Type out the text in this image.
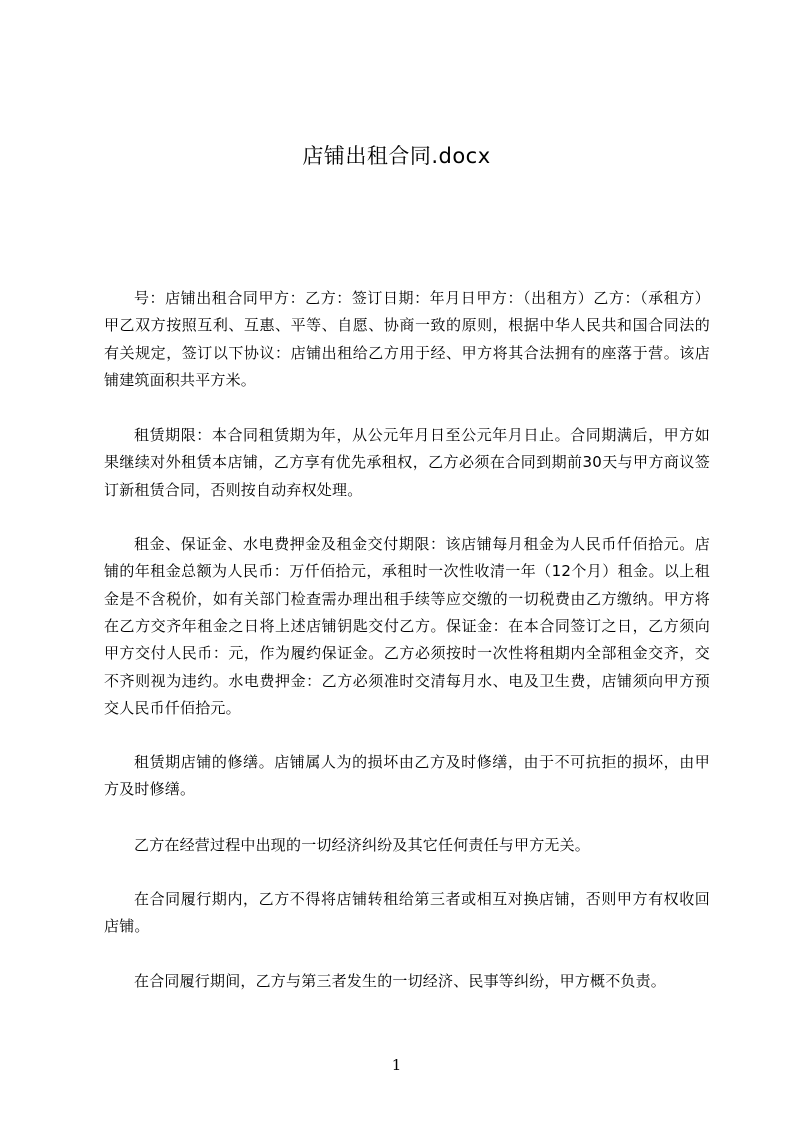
店铺出租合同.docx

号：店铺出租合同甲方：乙方：签订日期：年月日甲方：（出租方）乙方：（承租方）甲乙双方按照互利、互惠、平等、自愿、协商一致的原则，根据中华人民共和国合同法的有关规定，签订以下协议：店铺出租给乙方用于经、甲方将其合法拥有的座落于营。该店铺建筑面积共平方米。

租赁期限：本合同租赁期为年，从公元年月日至公元年月日止。合同期满后，甲方如果继续对外租赁本店铺，乙方享有优先承租权，乙方必须在合同到期前30天与甲方商议签订新租赁合同，否则按自动弃权处理。

租金、保证金、水电费押金及租金交付期限：该店铺每月租金为人民币仟佰拾元。店铺的年租金总额为人民币：万仟佰拾元，承租时一次性收清一年（12个月）租金。以上租金是不含税价，如有关部门检查需办理出租手续等应交缴的一切税费由乙方缴纳。甲方将在乙方交齐年租金之日将上述店铺钥匙交付乙方。保证金：在本合同签订之日，乙方须向甲方交付人民币：元，作为履约保证金。乙方必须按时一次性将租期内全部租金交齐，交不齐则视为违约。水电费押金：乙方必须准时交清每月水、电及卫生费，店铺须向甲方预交人民币仟佰拾元。

租赁期店铺的修缮。店铺属人为的损坏由乙方及时修缮，由于不可抗拒的损坏，由甲方及时修缮。

乙方在经营过程中出现的一切经济纠纷及其它任何责任与甲方无关。

在合同履行期内，乙方不得将店铺转租给第三者或相互对换店铺，否则甲方有权收回店铺。

在合同履行期间，乙方与第三者发生的一切经济、民事等纠纷，甲方概不负责。

1
